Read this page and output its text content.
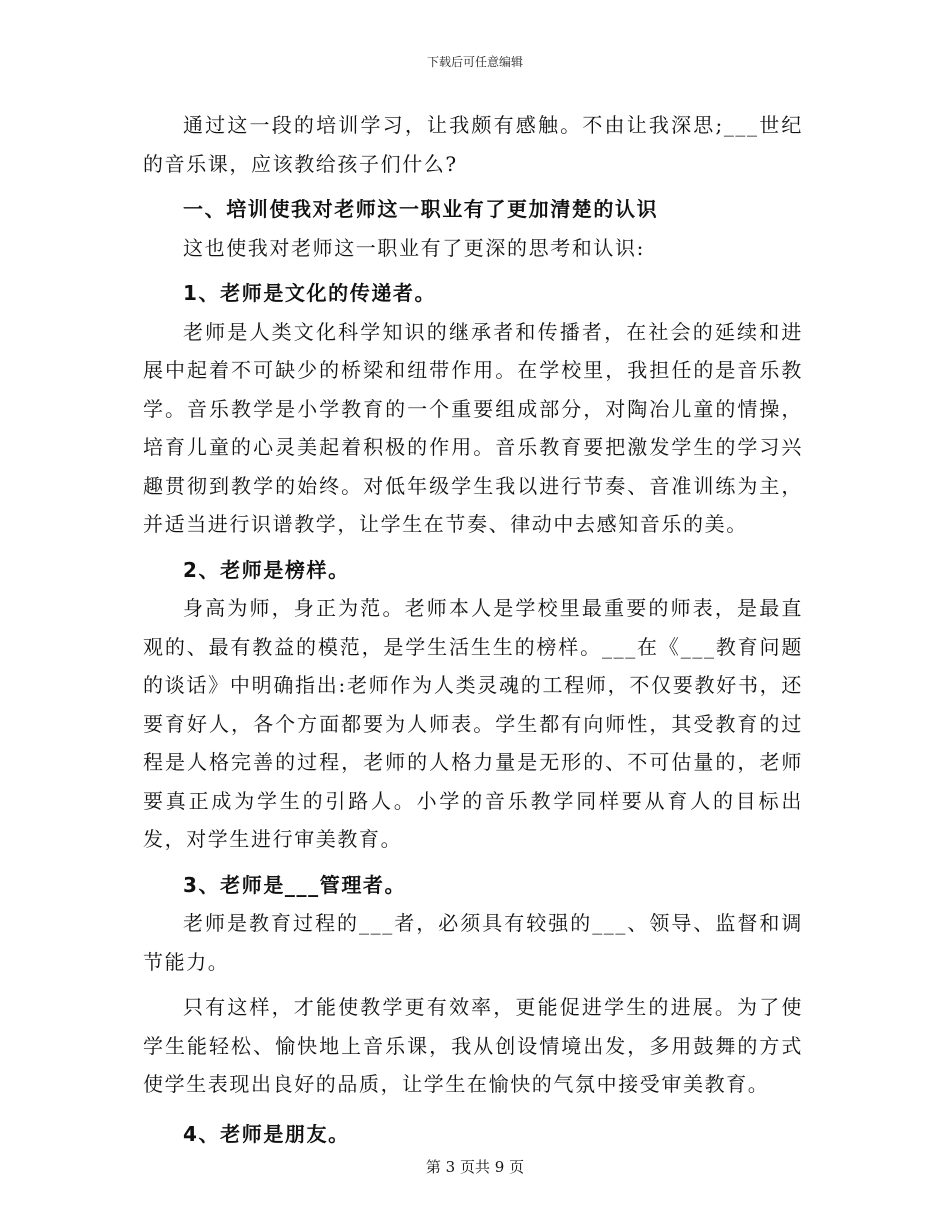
下载后可任意编辑

通过这一段的培训学习，让我颇有感触。不由让我深思;___世纪的音乐课，应该教给孩子们什么?

一、培训使我对老师这一职业有了更加清楚的认识

这也使我对老师这一职业有了更深的思考和认识:

1、老师是文化的传递者。

老师是人类文化科学知识的继承者和传播者，在社会的延续和进展中起着不可缺少的桥梁和纽带作用。在学校里，我担任的是音乐教学。音乐教学是小学教育的一个重要组成部分，对陶冶儿童的情操，培育儿童的心灵美起着积极的作用。音乐教育要把激发学生的学习兴趣贯彻到教学的始终。对低年级学生我以进行节奏、音准训练为主，并适当进行识谱教学，让学生在节奏、律动中去感知音乐的美。

2、老师是榜样。

身高为师，身正为范。老师本人是学校里最重要的师表，是最直观的、最有教益的模范，是学生活生生的榜样。___在《___教育问题的谈话》中明确指出:老师作为人类灵魂的工程师，不仅要教好书，还要育好人，各个方面都要为人师表。学生都有向师性，其受教育的过程是人格完善的过程，老师的人格力量是无形的、不可估量的，老师要真正成为学生的引路人。小学的音乐教学同样要从育人的目标出发，对学生进行审美教育。

3、老师是___管理者。

老师是教育过程的___者，必须具有较强的___、领导、监督和调节能力。

只有这样，才能使教学更有效率，更能促进学生的进展。为了使学生能轻松、愉快地上音乐课，我从创设情境出发，多用鼓舞的方式使学生表现出良好的品质，让学生在愉快的气氛中接受审美教育。

4、老师是朋友。

第 3 页共 9 页
